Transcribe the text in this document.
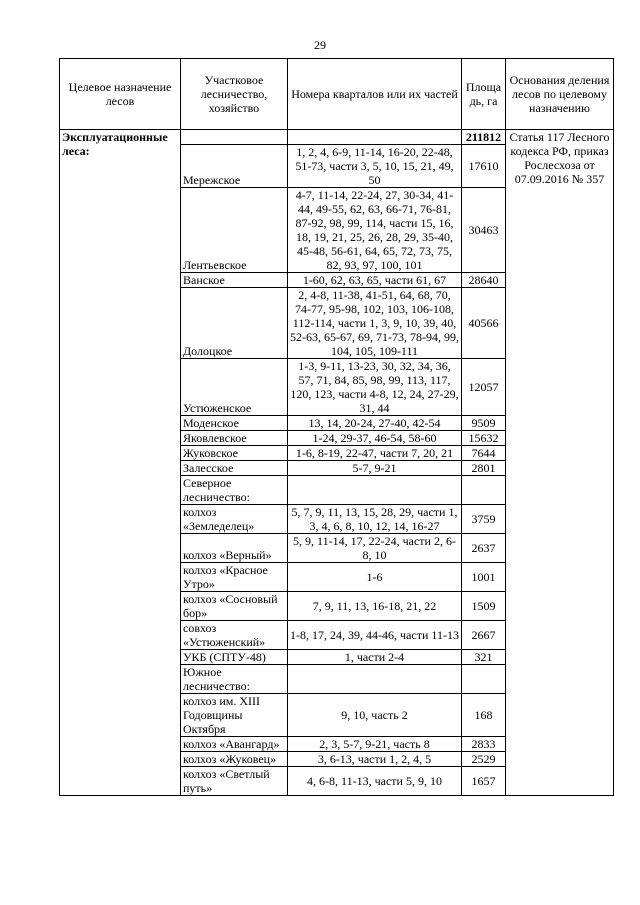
29
Целевое назначение лесов	Участковое лесничество, хозяйство	Номера кварталов или их частей	Площа дь, га	Основания деления лесов по целевому назначению
Эксплуатационные леса:			211812	Статья 117 Лесного кодекса РФ, приказ Рослесхоза от 07.09.2016 № 357
	Мережское	1, 2, 4, 6-9, 11-14, 16-20, 22-48, 51-73, части 3, 5, 10, 15, 21, 49, 50	17610	
	Лентьевское	4-7, 11-14, 22-24, 27, 30-34, 41-44, 49-55, 62, 63, 66-71, 76-81, 87-92, 98, 99, 114, части 15, 16, 18, 19, 21, 25, 26, 28, 29, 35-40, 45-48, 56-61, 64, 65, 72, 73, 75, 82, 93, 97, 100, 101	30463	
	Ванское	1-60, 62, 63, 65, части 61, 67	28640	
	Долоцкое	2, 4-8, 11-38, 41-51, 64, 68, 70, 74-77, 95-98, 102, 103, 106-108, 112-114, части 1, 3, 9, 10, 39, 40, 52-63, 65-67, 69, 71-73, 78-94, 99, 104, 105, 109-111	40566	
	Устюженское	1-3, 9-11, 13-23, 30, 32, 34, 36, 57, 71, 84, 85, 98, 99, 113, 117, 120, 123, части 4-8, 12, 24, 27-29, 31, 44	12057	
	Моденское	13, 14, 20-24, 27-40, 42-54	9509	
	Яковлевское	1-24, 29-37, 46-54, 58-60	15632	
	Жуковское	1-6, 8-19, 22-47, части 7, 20, 21	7644	
	Залесское	5-7, 9-21	2801	
	Северное лесничество:			
	колхоз «Земледелец»	5, 7, 9, 11, 13, 15, 28, 29, части 1, 3, 4, 6, 8, 10, 12, 14, 16-27	3759	
	колхоз «Верный»	5, 9, 11-14, 17, 22-24, части 2, 6-8, 10	2637	
	колхоз «Красное Утро»	1-6	1001	
	колхоз «Сосновый бор»	7, 9, 11, 13, 16-18, 21, 22	1509	
	совхоз «Устюженский»	1-8, 17, 24, 39, 44-46, части 11-13	2667	
	УКБ (СПТУ-48)	1, части 2-4	321	
	Южное лесничество:			
	колхоз им. XIII Годовщины Октября	9, 10, часть 2	168	
	колхоз «Авангард»	2, 3, 5-7, 9-21, часть 8	2833	
	колхоз «Жуковец»	3, 6-13, части 1, 2, 4, 5	2529	
	колхоз «Светлый путь»	4, 6-8, 11-13, части 5, 9, 10	1657	
